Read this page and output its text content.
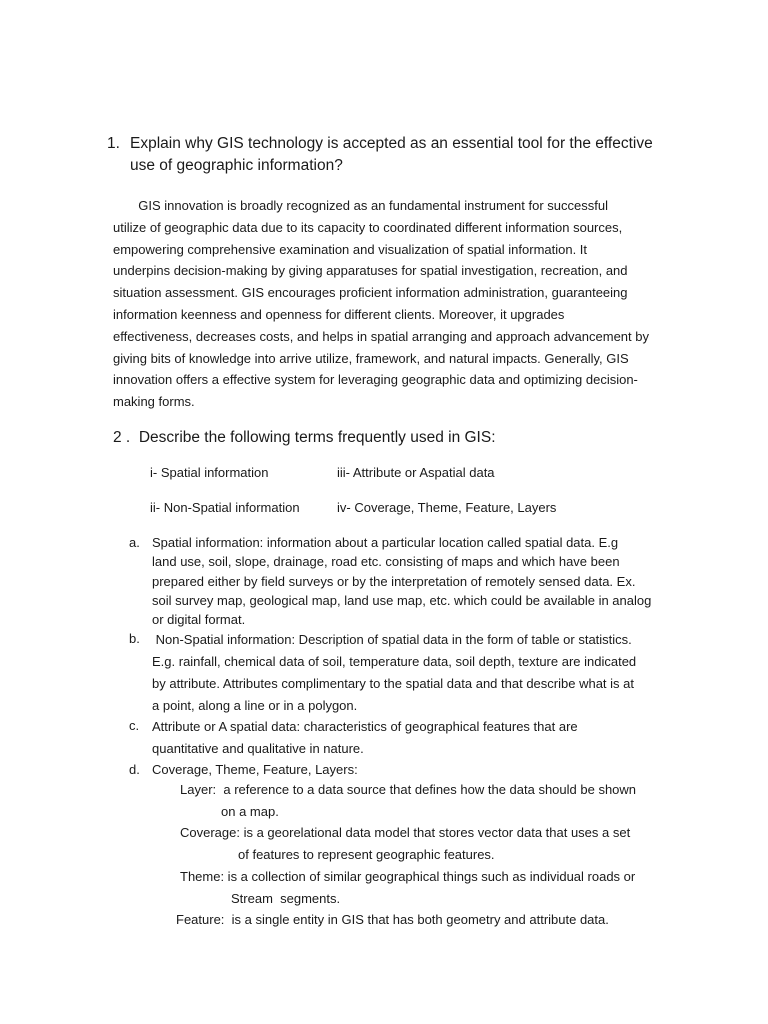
1. Explain why GIS technology is accepted as an essential tool for the effective
use of geographic information?
GIS innovation is broadly recognized as an fundamental instrument for successful
utilize of geographic data due to its capacity to coordinated different information sources,
empowering comprehensive examination and visualization of spatial information. It
underpins decision-making by giving apparatuses for spatial investigation, recreation, and
situation assessment. GIS encourages proficient information administration, guaranteeing
information keenness and openness for different clients. Moreover, it upgrades
effectiveness, decreases costs, and helps in spatial arranging and approach advancement by
giving bits of knowledge into arrive utilize, framework, and natural impacts. Generally, GIS
innovation offers a effective system for leveraging geographic data and optimizing decision-
making forms.
2 .  Describe the following terms frequently used in GIS:
i- Spatial information	iii- Attribute or Aspatial data
ii- Non-Spatial information	iv- Coverage, Theme, Feature, Layers
a. Spatial information: information about a particular location called spatial data. E.g
land use, soil, slope, drainage, road etc. consisting of maps and which have been
prepared either by field surveys or by the interpretation of remotely sensed data. Ex.
soil survey map, geological map, land use map, etc. which could be available in analog
or digital format.
b. Non-Spatial information: Description of spatial data in the form of table or statistics.
E.g. rainfall, chemical data of soil, temperature data, soil depth, texture are indicated
by attribute. Attributes complimentary to the spatial data and that describe what is at
a point, along a line or in a polygon.
c. Attribute or A spatial data: characteristics of geographical features that are
quantitative and qualitative in nature.
d. Coverage, Theme, Feature, Layers:
Layer:  a reference to a data source that defines how the data should be shown
on a map.
Coverage: is a georelational data model that stores vector data that uses a set
of features to represent geographic features.
Theme: is a collection of similar geographical things such as individual roads or
Stream  segments.
Feature:  is a single entity in GIS that has both geometry and attribute data.
